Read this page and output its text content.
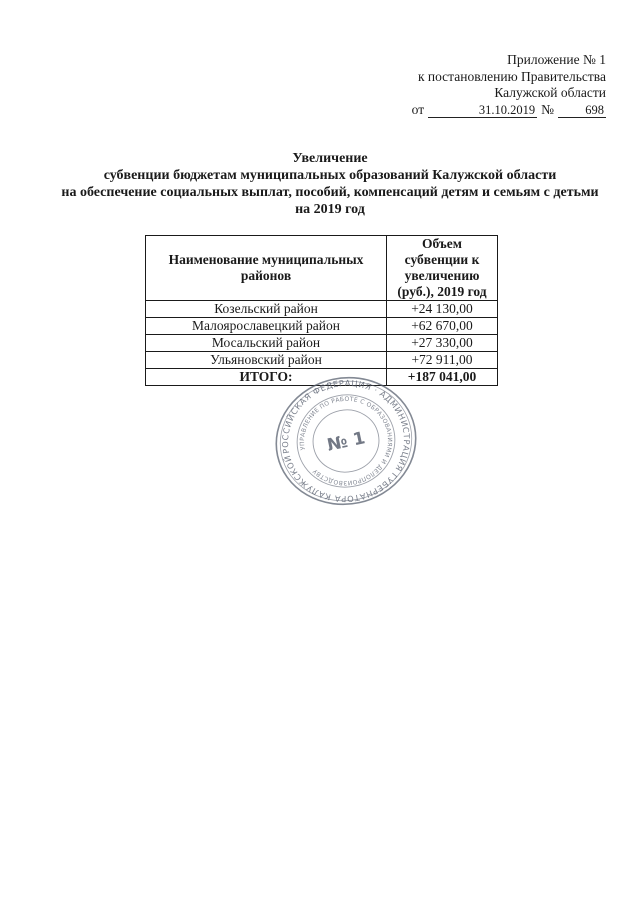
Приложение № 1
к постановлению Правительства
Калужской области
от	31.10.2019 №	698
Увеличение
субвенции бюджетам муниципальных образований Калужской области
на обеспечение социальных выплат, пособий, компенсаций детям и семьям с детьми
на 2019 год
Наименование муниципальных районов	Объем субвенции к увеличению (руб.), 2019 год
Козельский район	+24 130,00
Малоярославецкий район	+62 670,00
Мосальский район	+27 330,00
Ульяновский район	+72 911,00
ИТОГО:	+187 041,00
РОССИЙСКАЯ ФЕДЕРАЦИЯ · АДМИНИСТРАЦИЯ ГУБЕРНАТОРА КАЛУЖСКОЙ
УПРАВЛЕНИЕ ПО РАБОТЕ С ОБРАЗОВАНИЯМИ И ДЕЛОПРОИЗВОДСТВУ
№ 1
